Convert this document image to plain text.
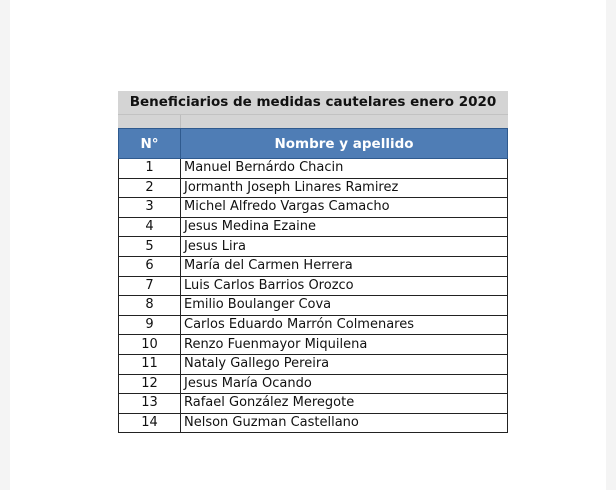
Beneficiarios de medidas cautelares enero 2020
N°	Nombre y apellido
1	Manuel Bernárdo Chacin
2	Jormanth Joseph Linares Ramirez
3	Michel Alfredo Vargas Camacho
4	Jesus Medina Ezaine
5	Jesus Lira
6	María del Carmen Herrera
7	Luis Carlos Barrios Orozco
8	Emilio Boulanger Cova
9	Carlos Eduardo Marrón Colmenares
10	Renzo Fuenmayor Miquilena
11	Nataly Gallego Pereira
12	Jesus María Ocando
13	Rafael González Meregote
14	Nelson Guzman Castellano
